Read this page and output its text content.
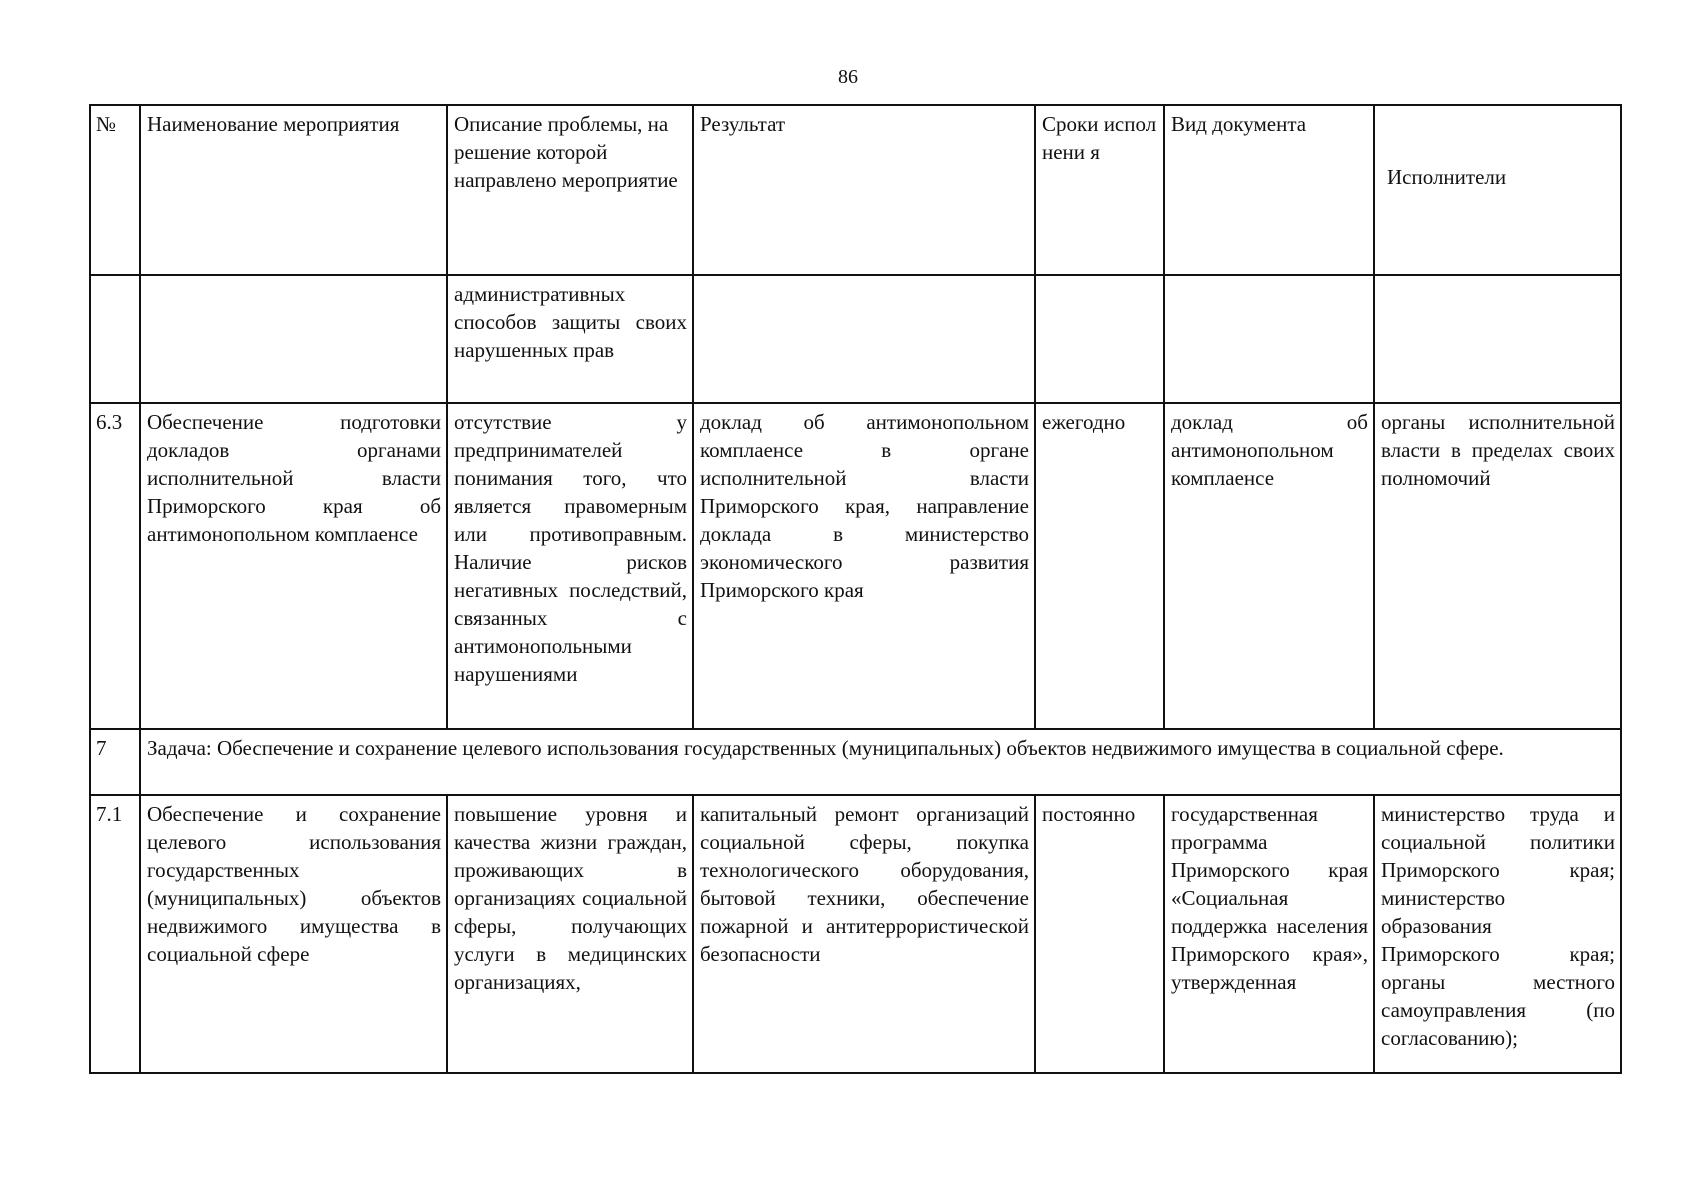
86
№	Наименование мероприятия	Описание проблемы, на решение которой направлено мероприятие	Результат	Сроки исполнени я	Вид документа	Исполнители
		административных способов защиты своих нарушенных прав				
6.3	Обеспечение подготовки докладов органами исполнительной власти Приморского края об антимонопольном комплаенсе	отсутствие у предпринимателей понимания того, что является правомерным или противоправным. Наличие рисков негативных последствий, связанных с антимонопольными нарушениями	доклад об антимонопольном комплаенсе в органе исполнительной власти Приморского края, направление доклада в министерство экономического развития Приморского края	ежегодно	доклад об антимонопольном комплаенсе	органы исполнительной власти в пределах своих полномочий
7	Задача: Обеспечение и сохранение целевого использования государственных (муниципальных) объектов недвижимого имущества в социальной сфере.					
7.1	Обеспечение и сохранение целевого использования государственных (муниципальных) объектов недвижимого имущества в социальной сфере	повышение уровня и качества жизни граждан, проживающих в организациях социальной сферы, получающих услуги в медицинских организациях,	капитальный ремонт организаций социальной сферы, покупка технологического оборудования, бытовой техники, обеспечение пожарной и антитеррористической безопасности	постоянно	государственная программа Приморского края «Социальная поддержка населения Приморского края», утвержденная	министерство труда и социальной политики Приморского края; министерство образования Приморского края; органы местного самоуправления (по согласованию);
